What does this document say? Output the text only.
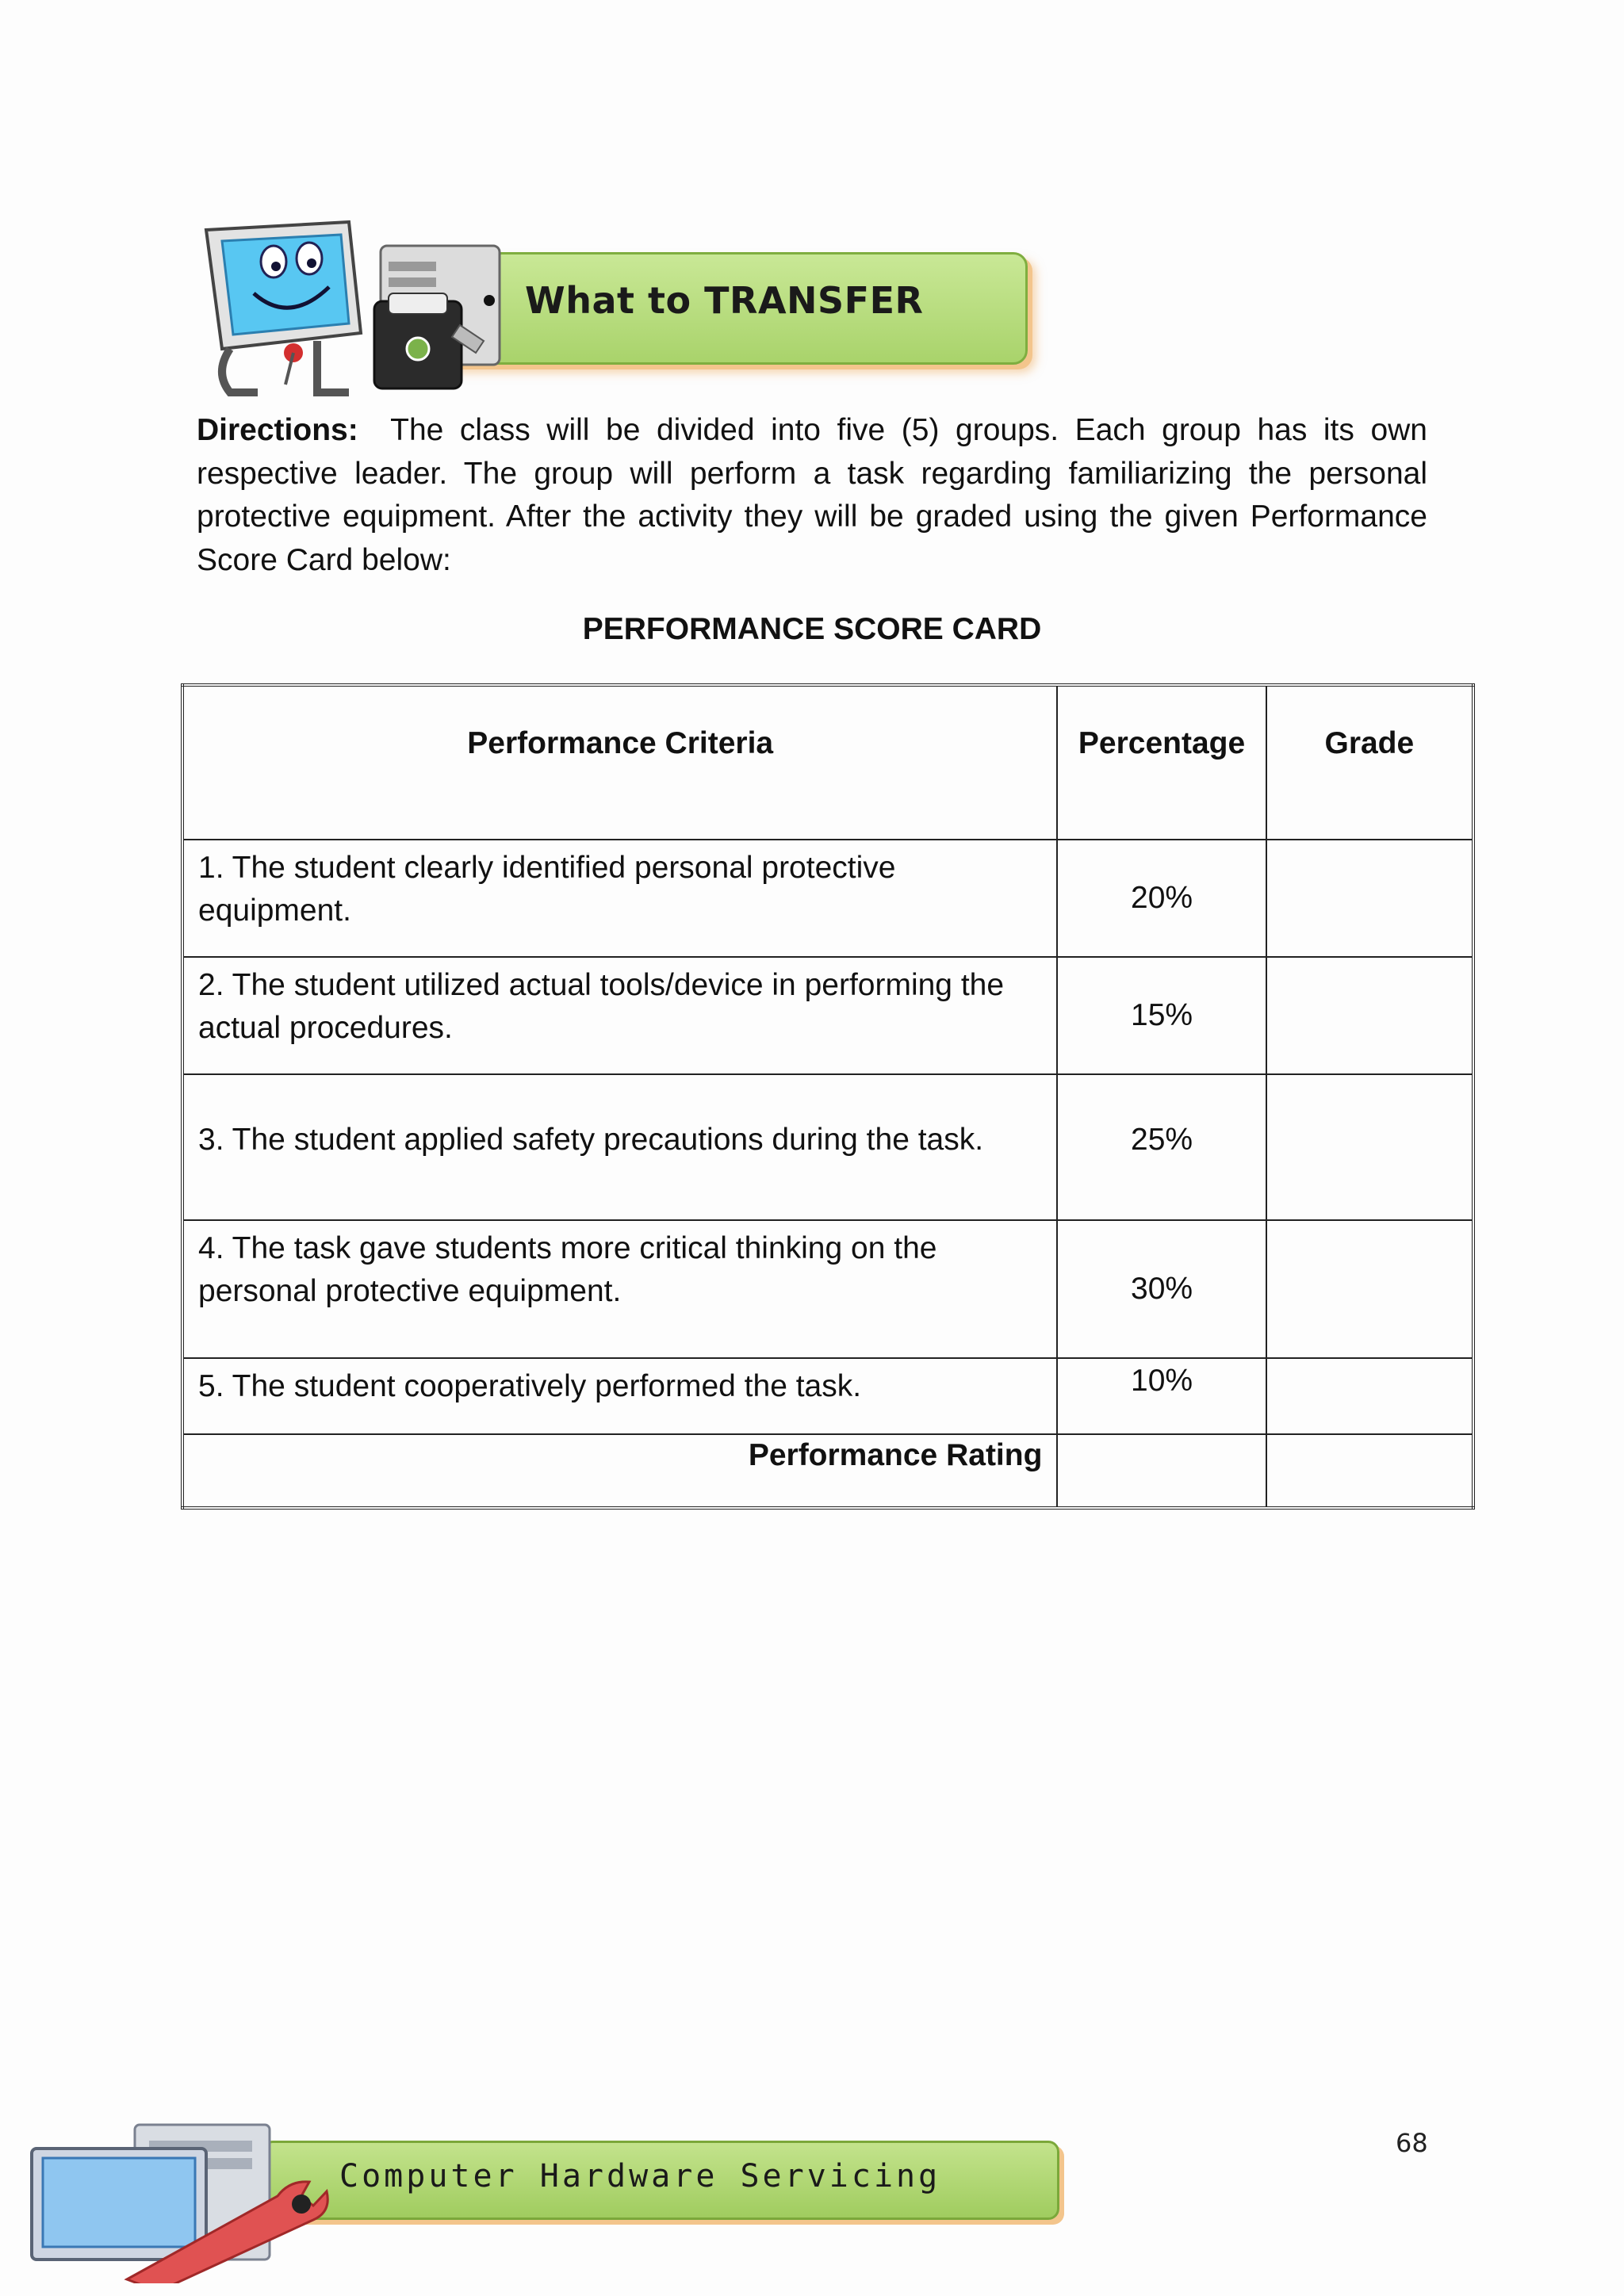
What to TRANSFER
Directions: The class will be divided into five (5) groups. Each group has its own respective leader. The group will perform a task regarding familiarizing the personal protective equipment. After the activity they will be graded using the given Performance Score Card below:
PERFORMANCE SCORE CARD
Performance Criteria	Percentage	Grade
1. The student clearly identified personal protective equipment.	20%	
2. The student utilized actual tools/device in performing the actual procedures.	15%	
3. The student applied safety precautions during the task.	25%	
4. The task gave students more critical thinking on the personal protective equipment.	30%	
5. The student cooperatively performed the task.	10%	
Performance Rating		
68
Computer Hardware Servicing
